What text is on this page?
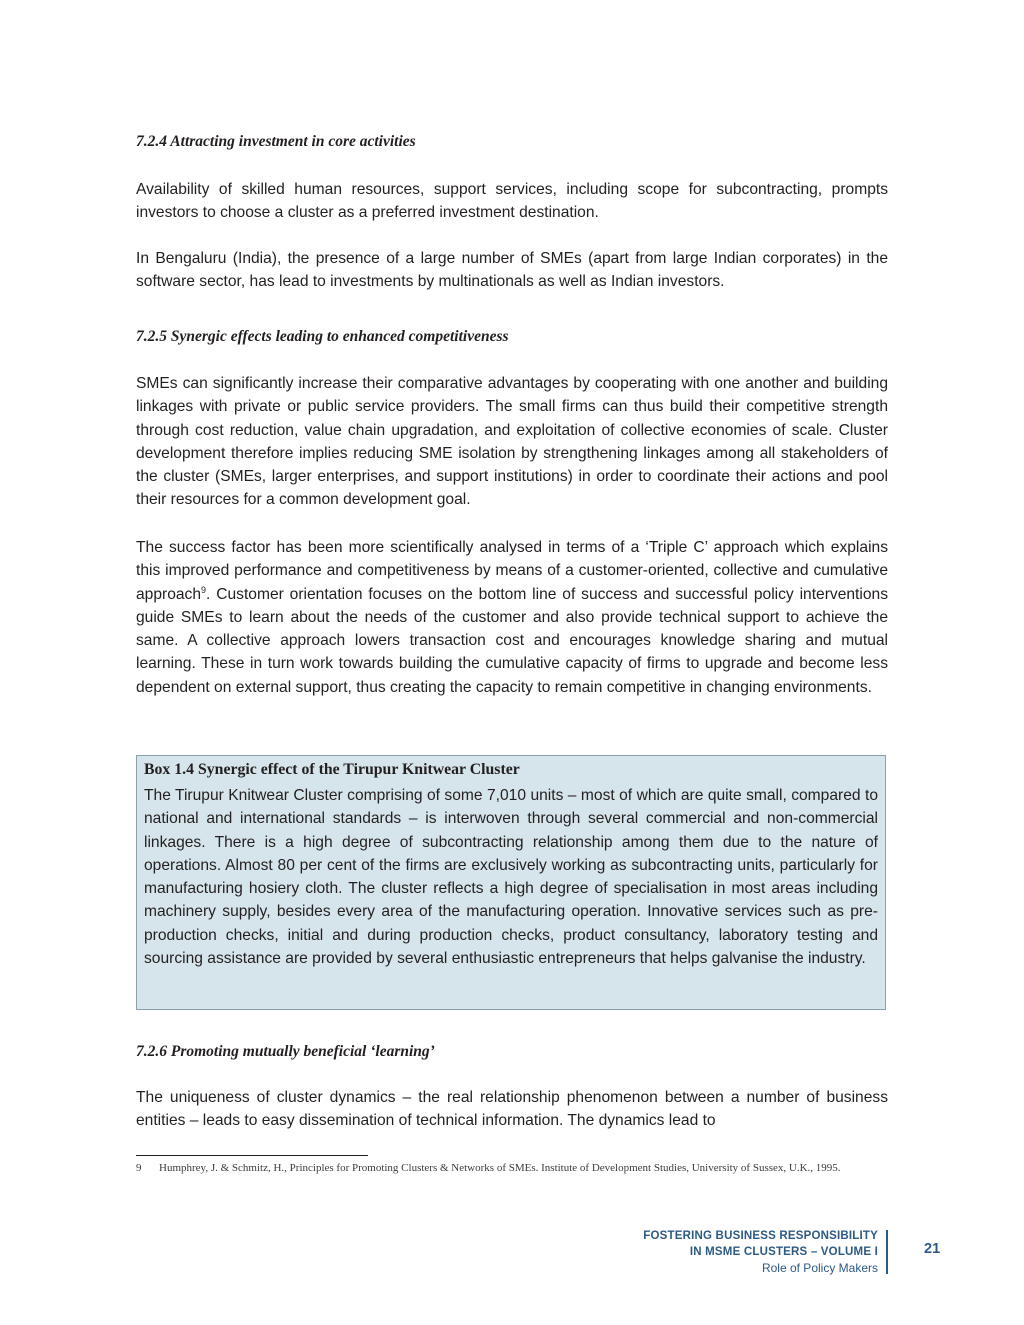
7.2.4 Attracting investment in core activities

Availability of skilled human resources, support services, including scope for subcontracting, prompts investors to choose a cluster as a preferred investment destination.

In Bengaluru (India), the presence of a large number of SMEs (apart from large Indian corporates) in the software sector, has lead to investments by multinationals as well as Indian investors.

7.2.5 Synergic effects leading to enhanced competitiveness

SMEs can significantly increase their comparative advantages by cooperating with one another and building linkages with private or public service providers. The small firms can thus build their competitive strength through cost reduction, value chain upgradation, and exploitation of collective economies of scale. Cluster development therefore implies reducing SME isolation by strengthening linkages among all stakeholders of the cluster (SMEs, larger enterprises, and support institutions) in order to coordinate their actions and pool their resources for a common development goal.

The success factor has been more scientifically analysed in terms of a ‘Triple C’ approach which explains this improved performance and competitiveness by means of a customer-oriented, collective and cumulative approach$^9$. Customer orientation focuses on the bottom line of success and successful policy interventions guide SMEs to learn about the needs of the customer and also provide technical support to achieve the same. A collective approach lowers transaction cost and encourages knowledge sharing and mutual learning. These in turn work towards building the cumulative capacity of firms to upgrade and become less dependent on external support, thus creating the capacity to remain competitive in changing environments.

Box 1.4 Synergic effect of the Tirupur Knitwear Cluster

The Tirupur Knitwear Cluster comprising of some 7,010 units – most of which are quite small, compared to national and international standards – is interwoven through several commercial and non-commercial linkages. There is a high degree of subcontracting relationship among them due to the nature of operations. Almost 80 per cent of the firms are exclusively working as subcontracting units, particularly for manufacturing hosiery cloth. The cluster reflects a high degree of specialisation in most areas including machinery supply, besides every area of the manufacturing operation. Innovative services such as pre-production checks, initial and during production checks, product consultancy, laboratory testing and sourcing assistance are provided by several enthusiastic entrepreneurs that helps galvanise the industry.

7.2.6 Promoting mutually beneficial ‘learning’

The uniqueness of cluster dynamics – the real relationship phenomenon between a number of business entities – leads to easy dissemination of technical information. The dynamics lead to

9 Humphrey, J. & Schmitz, H., Principles for Promoting Clusters & Networks of SMEs. Institute of Development Studies, University of Sussex, U.K., 1995.
FOSTERING BUSINESS RESPONSIBILITY
IN MSME CLUSTERS – VOLUME I
Role of Policy Makers
21
